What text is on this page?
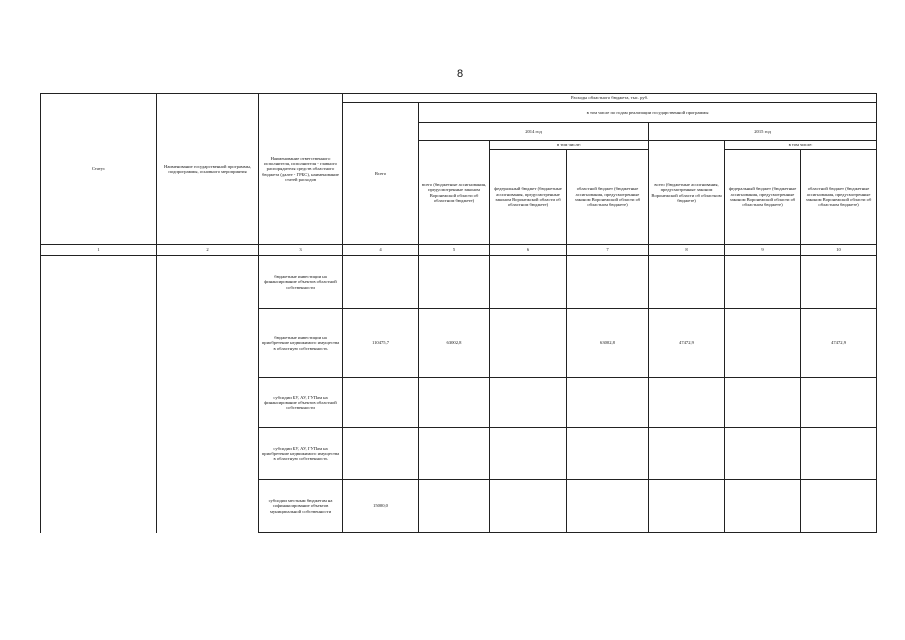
8
Статус	Наименование государственной программы, подпрограммы, основного мероприятия	Наименование ответственного исполнителя, исполнителя - главного распорядителя средств областного бюджета (далее - ГРБС), наименование статей расходов	Расходы областного бюджета, тыс. руб.						
			Всего	в том числе по годам реализации государственной программы					
				2014 год			2015 год		
				всего (бюджетные ассигнования, предусмотренные законом Воронежской области об областном бюджете)	в том числе:		всего (бюджетные ассигнования, предусмотренные законом Воронежской области об областном бюджете)	в том числе:	
					федеральный бюджет (бюджетные ассигнования, предусмотренные законом Воронежской области об областном бюджете)	областной бюджет (бюджетные ассигнования, предусмотренные законом Воронежской области об областном бюджете)		федеральный бюджет (бюджетные ассигнования, предусмотренные законом Воронежской области об областном бюджете)	областной бюджет (бюджетные ассигнования, предусмотренные законом Воронежской области об областном бюджете)
1	2	3	4	5	6	7	8	9	10
		бюджетные инвестиции на финансирование объектов областной собственности							
		бюджетные инвестиции на приобретение недвижимого имущества в областную собственность	110475,7	63002,8		63002,8	47472,9		47472,9
		субсидии БУ, АУ, ГУПам на финансирование объектов областной собственности							
		субсидии БУ, АУ, ГУПам на приобретение недвижимого имущества в областную собственность							
		субсидии местным бюджетам на софинансирование объектов муниципальной собственности	15000,0						
